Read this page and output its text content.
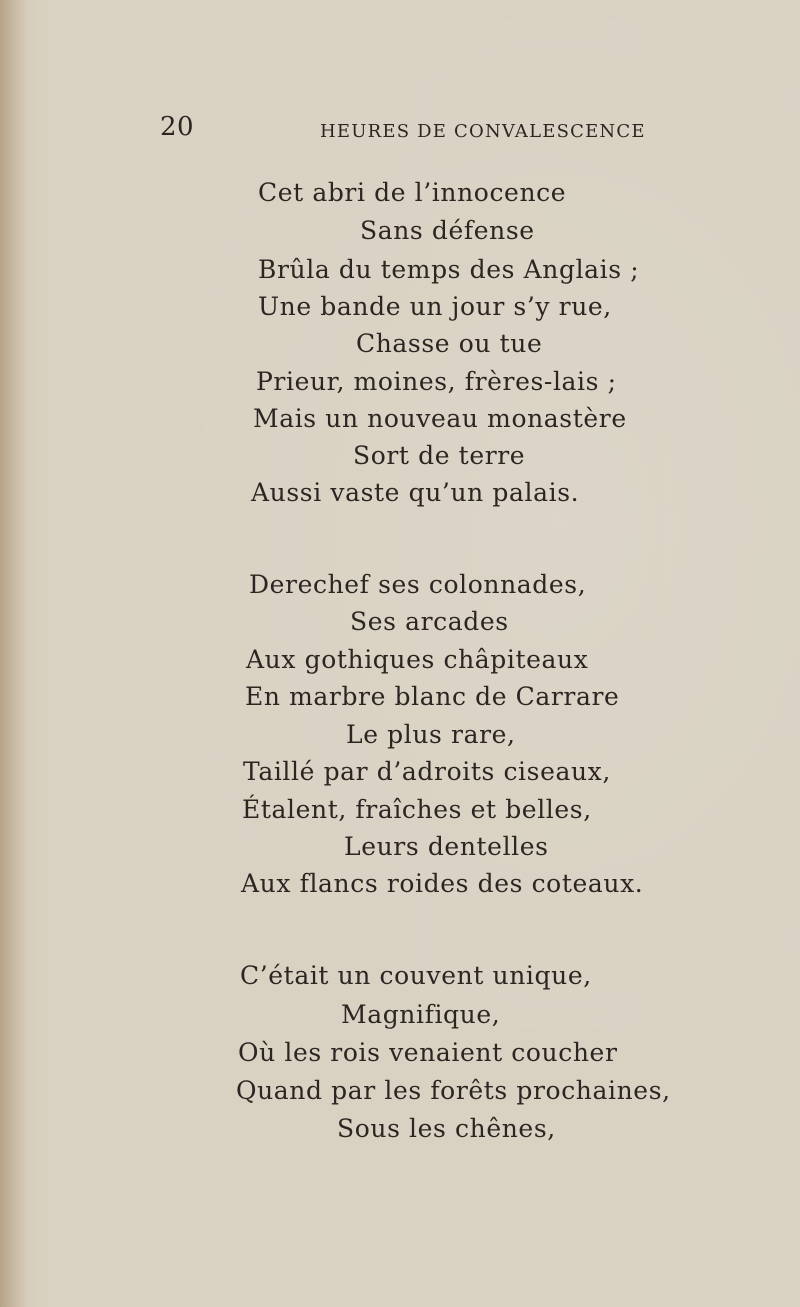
20	HEURES DE CONVALESCENCE
Cet abri de l’innocence
Sans défense
Brûla du temps des Anglais ;
Une bande un jour s’y rue,
Chasse ou tue
Prieur, moines, frères-lais ;
Mais un nouveau monastère
Sort de terre
Aussi vaste qu’un palais.
Derechef ses colonnades,
Ses arcades
Aux gothiques châpiteaux
En marbre blanc de Carrare
Le plus rare,
Taillé par d’adroits ciseaux,
Étalent, fraîches et belles,
Leurs dentelles
Aux flancs roides des coteaux.
C’était un couvent unique,
Magnifique,
Où les rois venaient coucher
Quand par les forêts prochaines,
Sous les chênes,
